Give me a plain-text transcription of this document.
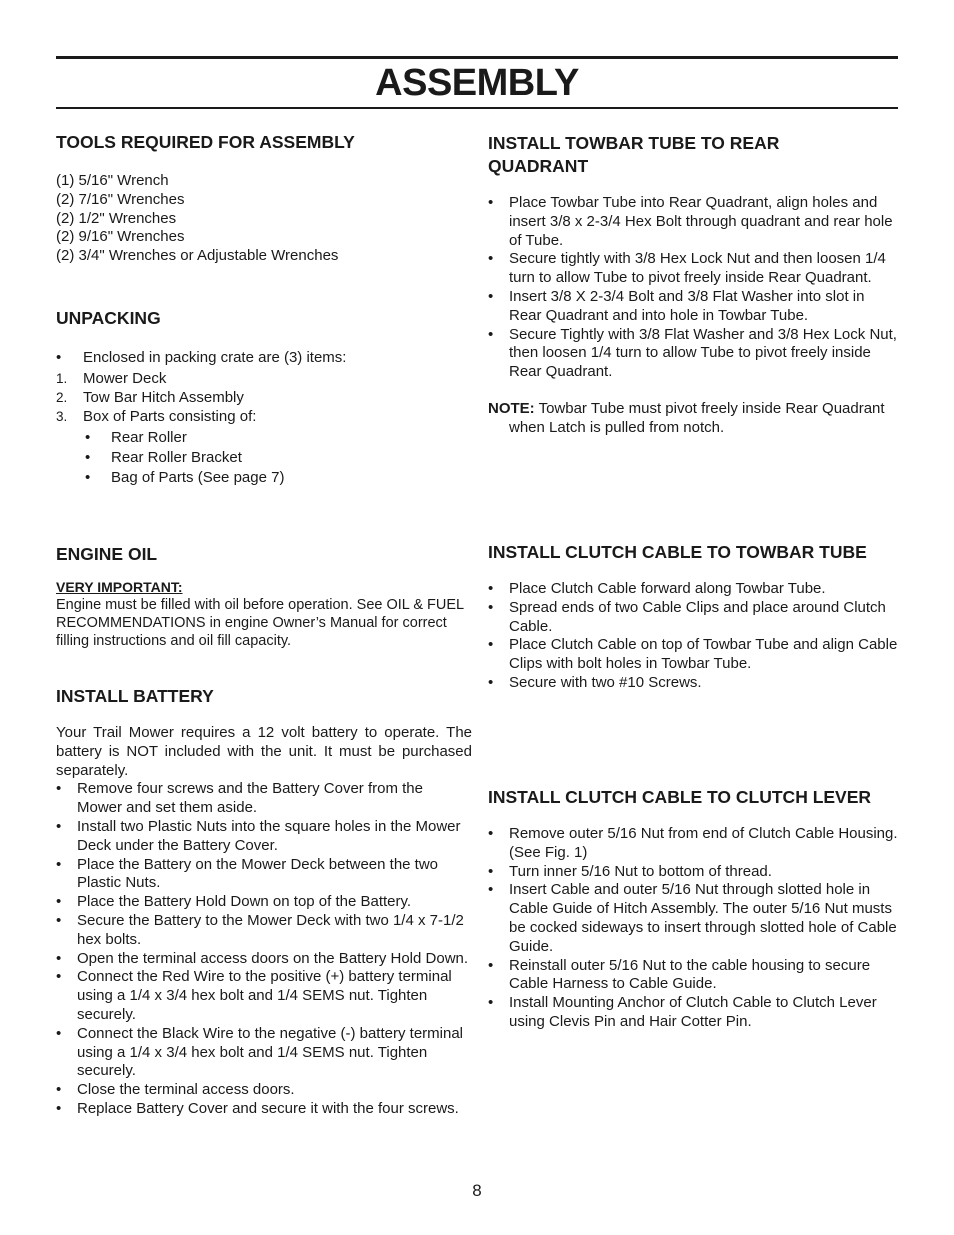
ASSEMBLY
TOOLS REQUIRED FOR ASSEMBLY
(1) 5/16" Wrench
(2) 7/16" Wrenches
(2) 1/2" Wrenches
(2) 9/16" Wrenches
(2) 3/4" Wrenches or Adjustable Wrenches
UNPACKING
• Enclosed in packing crate are (3) items:
1. Mower Deck
2. Tow Bar Hitch Assembly
3. Box of Parts consisting of:
• Rear Roller
• Rear Roller Bracket
• Bag of Parts (See page 7)
ENGINE OIL
VERY IMPORTANT:
Engine must be filled with oil before operation. See OIL & FUEL RECOMMENDATIONS in engine Owner’s Manual for correct filling instructions and oil fill capacity.
INSTALL BATTERY
Your Trail Mower requires a 12 volt battery to operate. The battery is NOT included with the unit. It must be purchased separately.
• Remove four screws and the Battery Cover from the Mower and set them aside.
• Install two Plastic Nuts into the square holes in the Mower Deck under the Battery Cover.
• Place the Battery on the Mower Deck between the two Plastic Nuts.
• Place the Battery Hold Down on top of the Battery.
• Secure the Battery to the Mower Deck with two 1/4 x 7-1/2 hex bolts.
• Open the terminal access doors on the Battery Hold Down.
• Connect the Red Wire to the positive (+) battery terminal using a 1/4 x 3/4 hex bolt and 1/4 SEMS nut. Tighten securely.
• Connect the Black Wire to the negative (-) battery terminal using a 1/4 x 3/4 hex bolt and 1/4 SEMS nut. Tighten securely.
• Close the terminal access doors.
• Replace Battery Cover and secure it with the four screws.
INSTALL TOWBAR TUBE TO REAR
QUADRANT
• Place Towbar Tube into Rear Quadrant, align holes and insert 3/8 x 2-3/4 Hex Bolt through quadrant and rear hole of Tube.
• Secure tightly with 3/8 Hex Lock Nut and then loosen 1/4 turn to allow Tube to pivot freely inside Rear Quadrant.
• Insert 3/8 X 2-3/4 Bolt and 3/8 Flat Washer into slot in Rear Quadrant and into hole in Towbar Tube.
• Secure Tightly with 3/8 Flat Washer and 3/8 Hex Lock Nut, then loosen 1/4 turn to allow Tube to pivot freely inside Rear Quadrant.
NOTE: Towbar Tube must pivot freely inside Rear Quadrant when Latch is pulled from notch.
INSTALL CLUTCH CABLE TO TOWBAR TUBE
• Place Clutch Cable forward along Towbar Tube.
• Spread ends of two Cable Clips and place around Clutch Cable.
• Place Clutch Cable on top of Towbar Tube and align Cable Clips with bolt holes in Towbar Tube.
• Secure with two #10 Screws.
INSTALL CLUTCH CABLE TO CLUTCH LEVER
• Remove outer 5/16 Nut from end of Clutch Cable Housing. (See Fig. 1)
• Turn inner 5/16 Nut to bottom of thread.
• Insert Cable and outer 5/16 Nut through slotted hole in Cable Guide of Hitch Assembly. The outer 5/16 Nut musts be cocked sideways to insert through slotted hole of Cable Guide.
• Reinstall outer 5/16 Nut to the cable housing to secure Cable Harness to Cable Guide.
• Install Mounting Anchor of Clutch Cable to Clutch Lever using Clevis Pin and Hair Cotter Pin.
8
